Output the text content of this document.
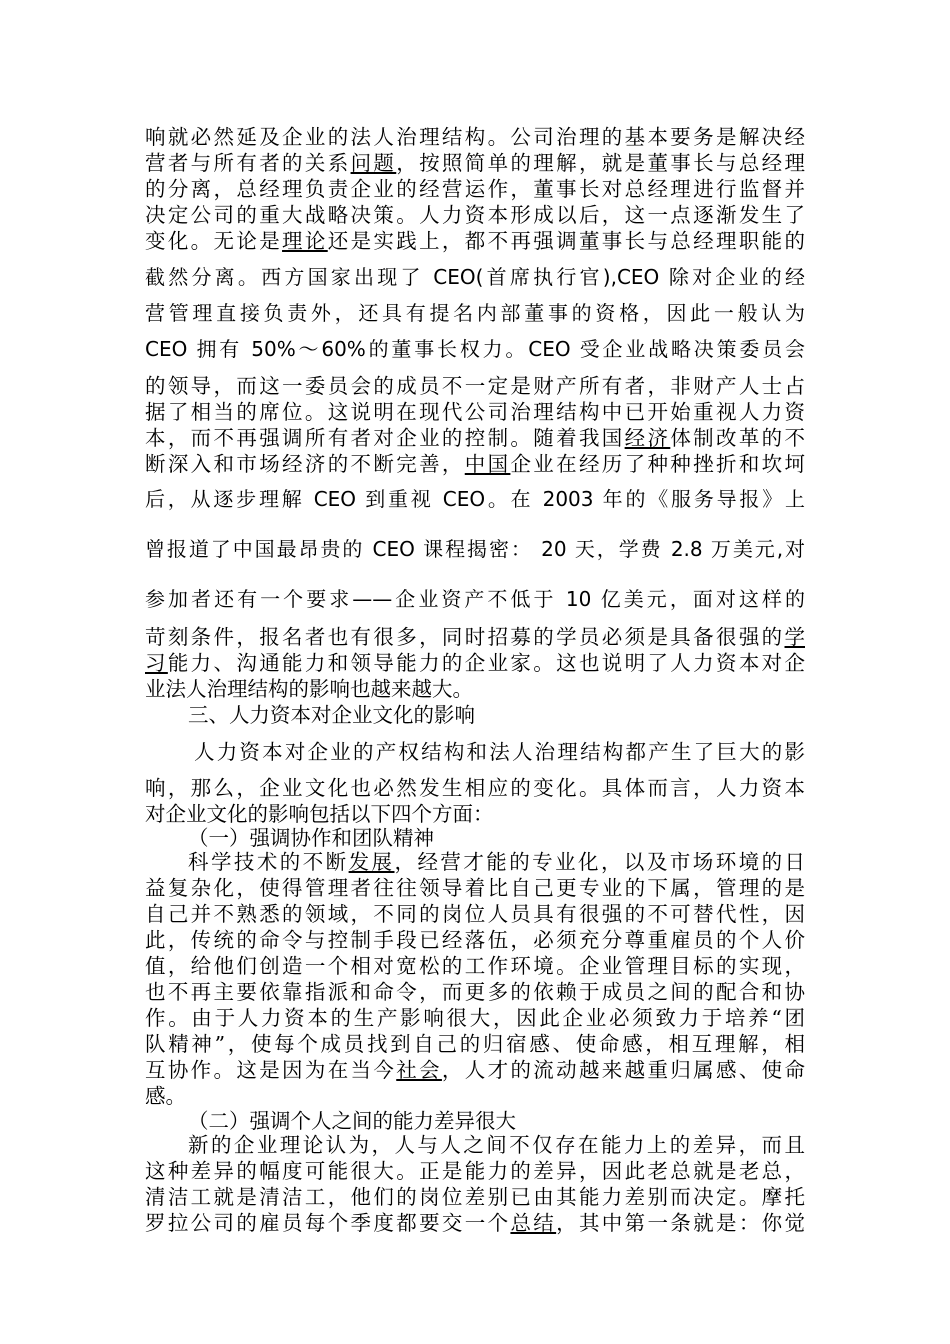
响就必然延及企业的法人治理结构。公司治理的基本要务是解决经
营者与所有者的关系问题，按照简单的理解，就是董事长与总经理
的分离，总经理负责企业的经营运作，董事长对总经理进行监督并
决定公司的重大战略决策。人力资本形成以后，这一点逐渐发生了
变化。无论是理论还是实践上，都不再强调董事长与总经理职能的
截然分离。西方国家出现了 CEO(首席执行官),CEO 除对企业的经
营管理直接负责外，还具有提名内部董事的资格，因此一般认为
CEO 拥有 50%～60%的董事长权力。CEO 受企业战略决策委员会
的领导，而这一委员会的成员不一定是财产所有者，非财产人士占
据了相当的席位。这说明在现代公司治理结构中已开始重视人力资
本，而不再强调所有者对企业的控制。随着我国经济体制改革的不
断深入和市场经济的不断完善，中国企业在经历了种种挫折和坎坷
后，从逐步理解 CEO 到重视 CEO。在 2003 年的《服务导报》上
曾报道了中国最昂贵的 CEO 课程揭密： 20 天，学费 2.8 万美元,对
参加者还有一个要求——企业资产不低于 10 亿美元，面对这样的
苛刻条件，报名者也有很多，同时招募的学员必须是具备很强的学
习能力、沟通能力和领导能力的企业家。这也说明了人力资本对企
业法人治理结构的影响也越来越大。
三、人力资本对企业文化的影响
人力资本对企业的产权结构和法人治理结构都产生了巨大的影
响，那么，企业文化也必然发生相应的变化。具体而言，人力资本
对企业文化的影响包括以下四个方面：
（一）强调协作和团队精神
科学技术的不断发展，经营才能的专业化，以及市场环境的日
益复杂化，使得管理者往往领导着比自己更专业的下属，管理的是
自己并不熟悉的领域，不同的岗位人员具有很强的不可替代性，因
此，传统的命令与控制手段已经落伍，必须充分尊重雇员的个人价
值，给他们创造一个相对宽松的工作环境。企业管理目标的实现，
也不再主要依靠指派和命令，而更多的依赖于成员之间的配合和协
作。由于人力资本的生产影响很大，因此企业必须致力于培养“团
队精神”，使每个成员找到自己的归宿感、使命感，相互理解，相
互协作。这是因为在当今社会，人才的流动越来越重归属感、使命
感。
（二）强调个人之间的能力差异很大
新的企业理论认为，人与人之间不仅存在能力上的差异，而且
这种差异的幅度可能很大。正是能力的差异，因此老总就是老总，
清洁工就是清洁工，他们的岗位差别已由其能力差别而决定。摩托
罗拉公司的雇员每个季度都要交一个总结，其中第一条就是：你觉
